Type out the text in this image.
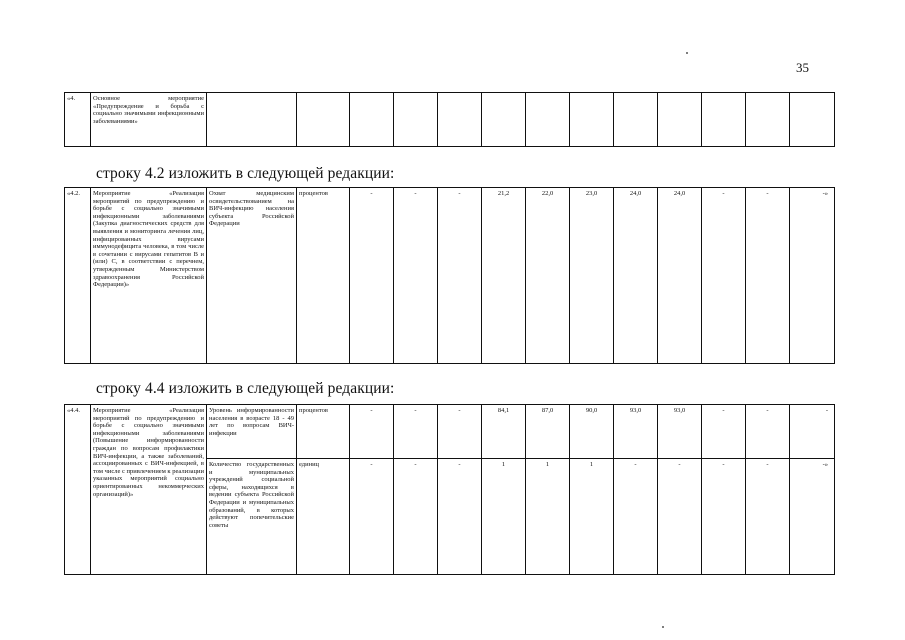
35
«4.	Основное мероприятие «Предупреждение и борьба с социально значимыми инфекционными заболеваниями»													
строку 4.2 изложить в следующей редакции:
«4.2.	Мероприятие «Реализация мероприятий по предупреждению и борьбе с социально значимыми инфекционными заболеваниями (Закупка диагностических средств для выявления и мониторинга лечения лиц, инфицированных вирусами иммунодефицита человека, в том числе в сочетании с вирусами гепатитов В и (или) С, в соответствии с перечнем, утвержденным Министерством здравоохранения Российской Федерации)»	Охват медицинским освидетельствованием на ВИЧ-инфекцию населения субъекта Российской Федерации	процентов	-	-	-	21,2	22,0	23,0	24,0	24,0	-	-	-»
строку 4.4 изложить в следующей редакции:
«4.4.	Мероприятие «Реализация мероприятий по предупреждению и борьбе с социально значимыми инфекционными заболеваниями (Повышение информированности граждан по вопросам профилактики ВИЧ-инфекции, а также заболеваний, ассоциированных с ВИЧ-инфекцией, в том числе с привлечением к реализации указанных мероприятий социально ориентированных некоммерческих организаций)»	Уровень информированности населения в возрасте 18 - 49 лет по вопросам ВИЧ-инфекции	процентов	-	-	-	84,1	87,0	90,0	93,0	93,0	-	-	-
		Количество государственных и муниципальных учреждений социальной сферы, находящихся в ведении субъекта Российской Федерации и муниципальных образований, в которых действуют попечительские советы	единиц	-	-	-	1	1	1	-	-	-	-	-»
